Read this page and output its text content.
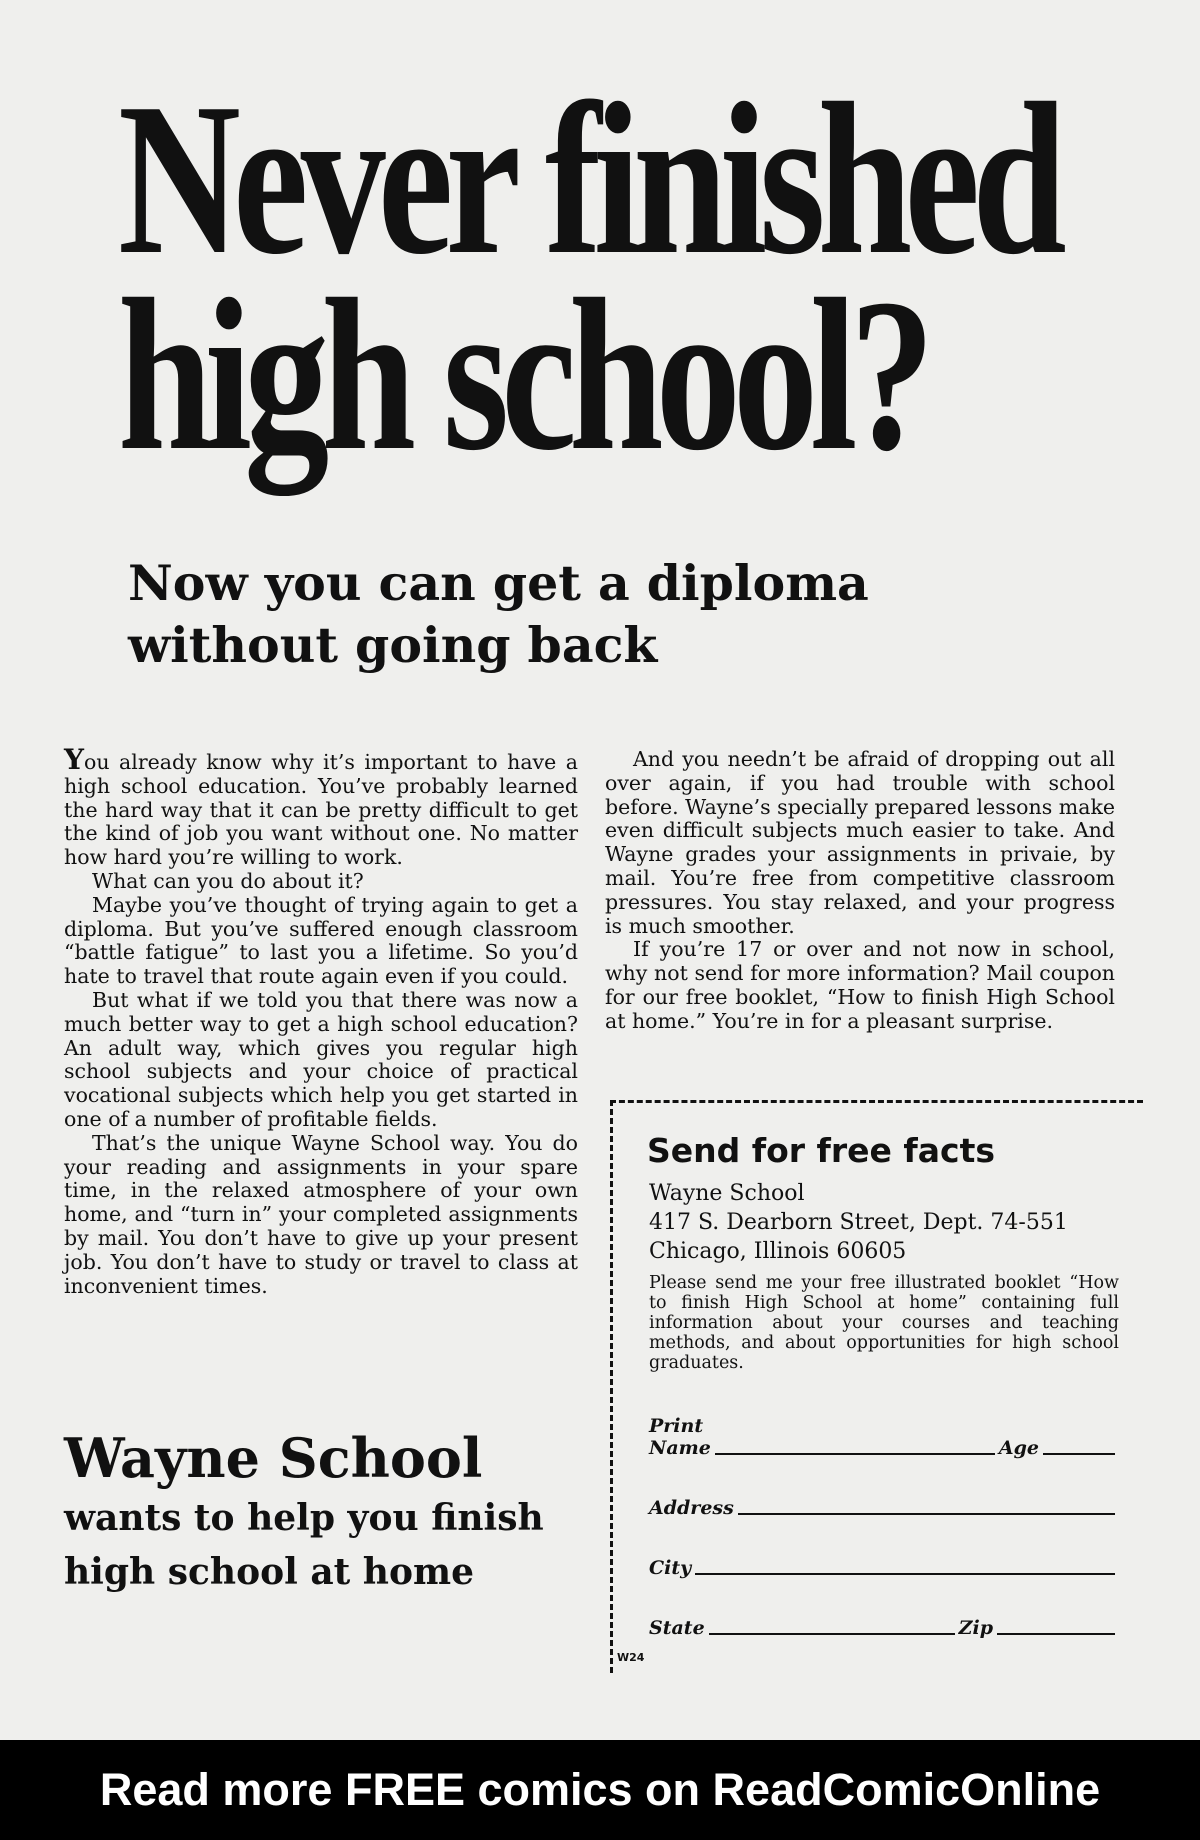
Never finished
high school?
Now you can get a diploma
without going back

You already know why it’s important to have a high school education. You’ve probably learned the hard way that it can be pretty difficult to get the kind of job you want without one. No matter how hard you’re willing to work.

What can you do about it?

Maybe you’ve thought of trying again to get a diploma. But you’ve suffered enough classroom “battle fatigue” to last you a lifetime. So you’d hate to travel that route again even if you could.

But what if we told you that there was now a much better way to get a high school education? An adult way, which gives you regular high school subjects and your choice of practical vocational subjects which help you get started in one of a number of profitable fields.

That’s the unique Wayne School way. You do your reading and assignments in your spare time, in the relaxed atmosphere of your own home, and “turn in” your completed assignments by mail. You don’t have to give up your present job. You don’t have to study or travel to class at inconvenient times.

And you needn’t be afraid of dropping out all over again, if you had trouble with school before. Wayne’s specially prepared lessons make even difficult subjects much easier to take. And Wayne grades your assignments in privaie, by mail. You’re free from competitive classroom pressures. You stay relaxed, and your progress is much smoother.

If you’re 17 or over and not now in school, why not send for more information? Mail coupon for our free booklet, “How to finish High School at home.” You’re in for a pleasant surprise.

Wayne School
wants to help you finish
high school at home
Send for free facts
Wayne School
417 S. Dearborn Street, Dept. 74-551
Chicago, Illinois 60605
Please send me your free illustrated booklet “How to finish High School at home” containing full information about your courses and teaching methods, and about opportunities for high school graduates.
Print
Name	Age
Address
City
State	Zip
W24
Read more FREE comics on ReadComicOnline
